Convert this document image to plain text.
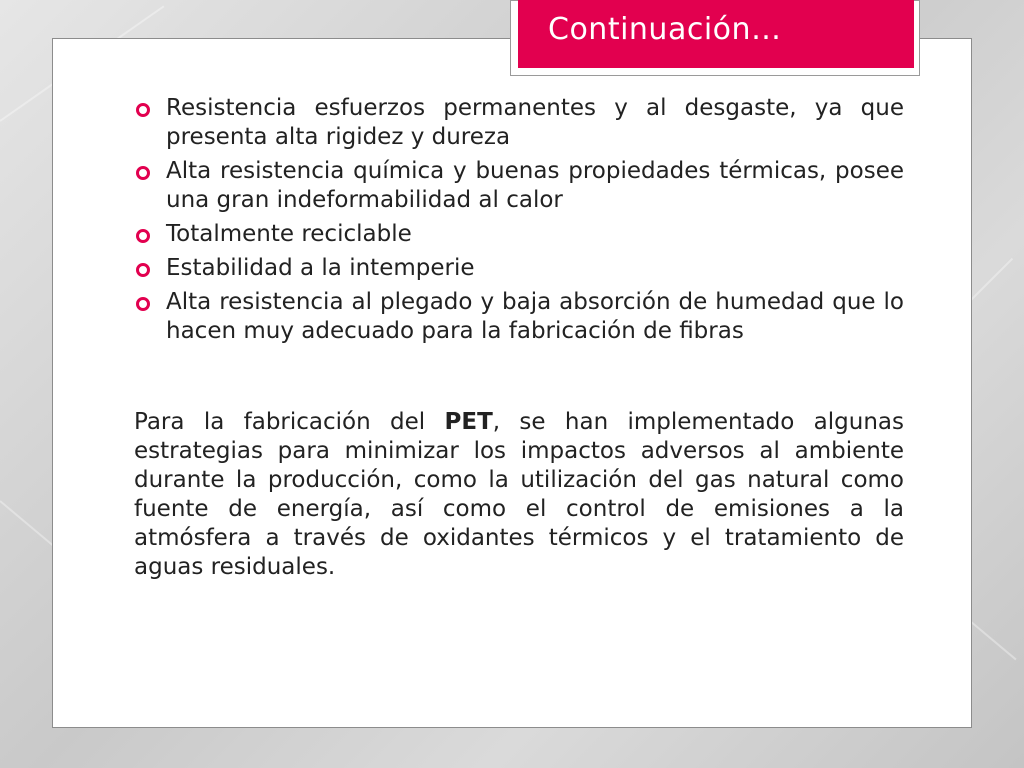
Continuación…
Resistencia esfuerzos permanentes y al desgaste, ya que presenta alta rigidez y dureza
Alta resistencia química y buenas propiedades térmicas, posee una gran indeformabilidad al calor
Totalmente reciclable
Estabilidad a la intemperie
Alta resistencia al plegado y baja absorción de humedad que lo hacen muy adecuado para la fabricación de fibras

Para la fabricación del PET, se han implementado algunas estrategias para minimizar los impactos adversos al ambiente durante la producción, como la utilización del gas natural como fuente de energía, así como el control de emisiones a la atmósfera a través de oxidantes térmicos y el tratamiento de aguas residuales.
